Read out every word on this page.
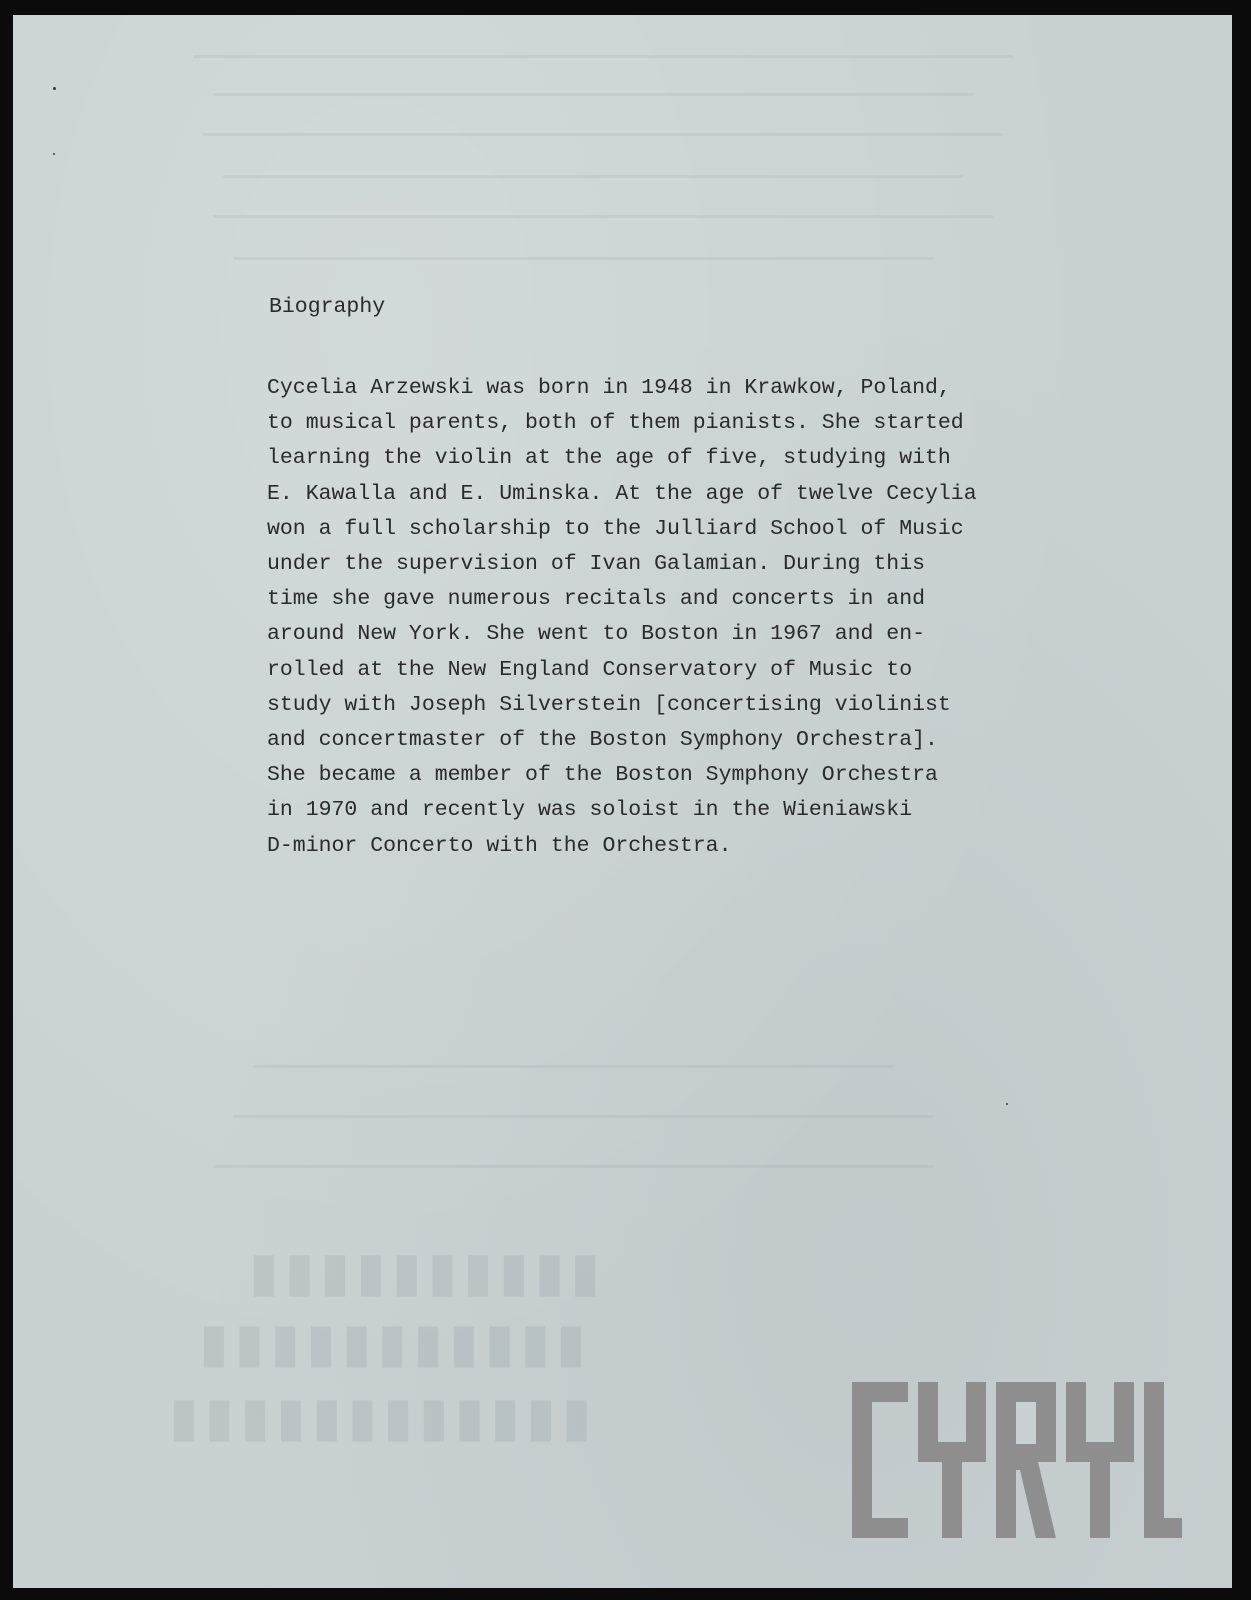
▮▮▮▮▮▮▮▮▮▮
▮▮▮▮▮▮▮▮▮▮▮
▮▮▮▮▮▮▮▮▮▮▮▮
Biography

Cycelia Arzewski was born in 1948 in Krawkow, Poland,
to musical parents, both of them pianists. She started
learning the violin at the age of five, studying with
E. Kawalla and E. Uminska. At the age of twelve Cecylia
won a full scholarship to the Julliard School of Music
under the supervision of Ivan Galamian. During this
time she gave numerous recitals and concerts in and
around New York. She went to Boston in 1967 and en-
rolled at the New England Conservatory of Music to
study with Joseph Silverstein [concertising violinist
and concertmaster of the Boston Symphony Orchestra].
She became a member of the Boston Symphony Orchestra
in 1970 and recently was soloist in the Wieniawski
D-minor Concerto with the Orchestra.
